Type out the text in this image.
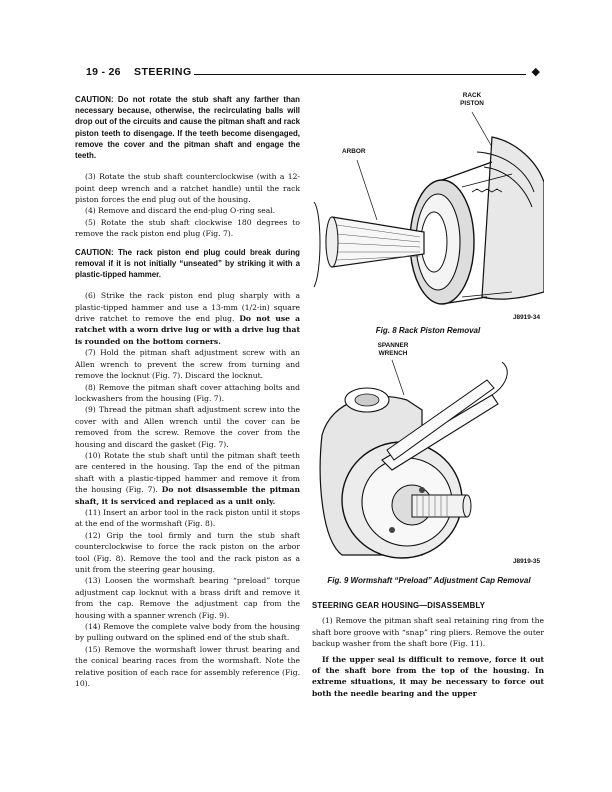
19 - 26 STEERING	◆

CAUTION: Do not rotate the stub shaft any farther than necessary because, otherwise, the recirculating balls will drop out of the circuits and cause the pitman shaft and rack piston teeth to disengage. If the teeth become disengaged, remove the cover and the pitman shaft and engage the teeth.

(3) Rotate the stub shaft counterclockwise (with a 12-point deep wrench and a ratchet handle) until the rack piston forces the end plug out of the housing.

(4) Remove and discard the end-plug O-ring seal.

(5) Rotate the stub shaft clockwise 180 degrees to remove the rack piston end plug (Fig. 7).

CAUTION: The rack piston end plug could break during removal if it is not initially “unseated” by striking it with a plastic-tipped hammer.

(6) Strike the rack piston end plug sharply with a plastic-tipped hammer and use a 13-mm (1/2-in) square drive ratchet to remove the end plug. Do not use a ratchet with a worn drive lug or with a drive lug that is rounded on the bottom corners.

(7) Hold the pitman shaft adjustment screw with an Allen wrench to prevent the screw from turning and remove the locknut (Fig. 7). Discard the locknut.

(8) Remove the pitman shaft cover attaching bolts and lockwashers from the housing (Fig. 7).

(9) Thread the pitman shaft adjustment screw into the cover with and Allen wrench until the cover can be removed from the screw. Remove the cover from the housing and discard the gasket (Fig. 7).

(10) Rotate the stub shaft until the pitman shaft teeth are centered in the housing. Tap the end of the pitman shaft with a plastic-tipped hammer and remove it from the housing (Fig. 7). Do not disassemble the pitman shaft, it is serviced and replaced as a unit only.

(11) Insert an arbor tool in the rack piston until it stops at the end of the wormshaft (Fig. 8).

(12) Grip the tool firmly and turn the stub shaft counterclockwise to force the rack piston on the arbor tool (Fig. 8). Remove the tool and the rack piston as a unit from the steering gear housing.

(13) Loosen the wormshaft bearing “preload” torque adjustment cap locknut with a brass drift and remove it from the cap. Remove the adjustment cap from the housing with a spanner wrench (Fig. 9).

(14) Remove the complete valve body from the housing by pulling outward on the splined end of the stub shaft.

(15) Remove the wormshaft lower thrust bearing and the conical bearing races from the wormshaft. Note the relative position of each race for assembly reference (Fig. 10).

RACK
PISTON
ARBOR
J8919-34
Fig. 8 Rack Piston Removal
SPANNER
WRENCH
J8919-35
Fig. 9 Wormshaft “Preload” Adjustment Cap Removal
STEERING GEAR HOUSING—DISASSEMBLY

(1) Remove the pitman shaft seal retaining ring from the shaft bore groove with “snap” ring pliers. Remove the outer backup washer from the shaft bore (Fig. 11).

If the upper seal is difficult to remove, force it out of the shaft bore from the top of the housing. In extreme situations, it may be necessary to force out both the needle bearing and the upper
